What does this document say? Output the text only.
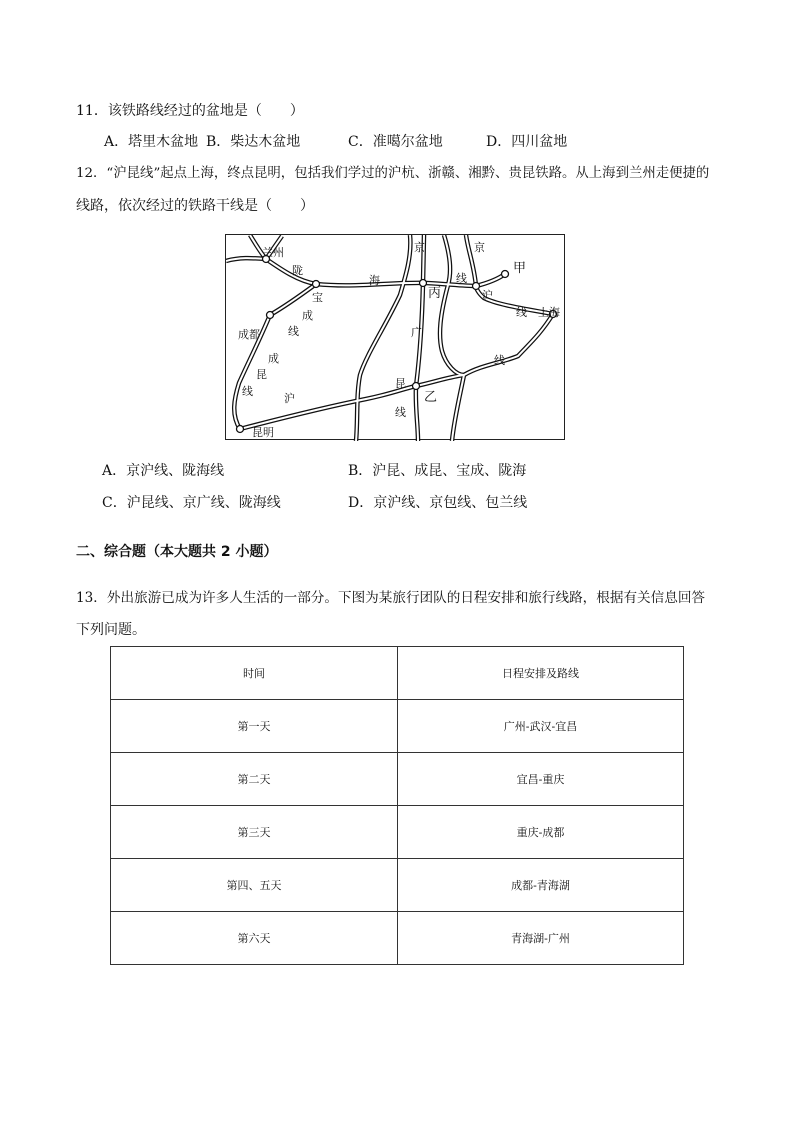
11．该铁路线经过的盆地是（　　）
A．塔里木盆地 B．柴达木盆地	C．准噶尔盆地	D．四川盆地
12．“沪昆线”起点上海，终点昆明，包括我们学过的沪杭、浙赣、湘黔、贵昆铁路。从上海到兰州走便捷的
线路，依次经过的铁路干线是（　　）
兰州
陇
海
宝
成
线
成都
成
昆
线
沪
昆明
京	京
线
丙	沪
甲
线 上海
广
线
昆
乙
线
A．京沪线、陇海线	B．沪昆、成昆、宝成、陇海
C．沪昆线、京广线、陇海线	D．京沪线、京包线、包兰线
二、综合题（本大题共 2 小题）
13．外出旅游已成为许多人生活的一部分。下图为某旅行团队的日程安排和旅行线路，根据有关信息回答
下列问题。
时间	日程安排及路线
第一天	广州-武汉-宜昌
第二天	宜昌-重庆
第三天	重庆-成都
第四、五天	成都-青海湖
第六天	青海湖-广州
